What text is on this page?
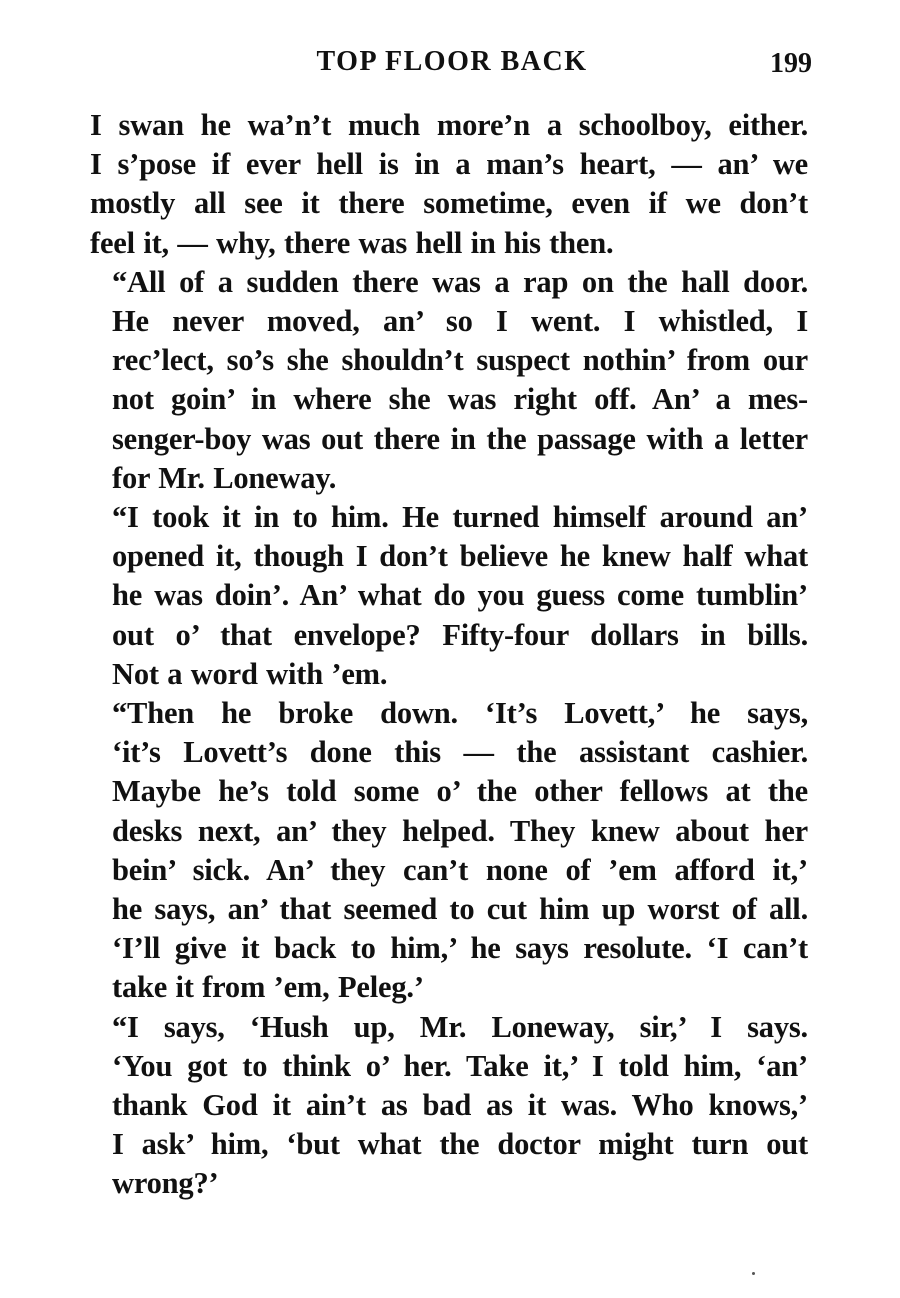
TOP FLOOR BACK	199

I swan he wa’n’t much more’n a schoolboy, either.
I s’pose if ever hell is in a man’s heart, — an’ we
mostly all see it there sometime, even if we don’t
feel it, — why, there was hell in his then.

“All of a sudden there was a rap on the hall door.
He never moved, an’ so I went. I whistled, I
rec’lect, so’s she shouldn’t suspect nothin’ from our
not goin’ in where she was right off. An’ a mes-
senger-boy was out there in the passage with a letter
for Mr. Loneway.

“I took it in to him. He turned himself around an’
opened it, though I don’t believe he knew half what
he was doin’. An’ what do you guess come tumblin’
out o’ that envelope? Fifty-four dollars in bills.
Not a word with ’em.

“Then he broke down. ‘It’s Lovett,’ he says,
‘it’s Lovett’s done this — the assistant cashier.
Maybe he’s told some o’ the other fellows at the
desks next, an’ they helped. They knew about her
bein’ sick. An’ they can’t none of ’em afford it,’
he says, an’ that seemed to cut him up worst of all.
‘I’ll give it back to him,’ he says resolute. ‘I can’t
take it from ’em, Peleg.’

“I says, ‘Hush up, Mr. Loneway, sir,’ I says.
‘You got to think o’ her. Take it,’ I told him, ‘an’
thank God it ain’t as bad as it was. Who knows,’
I ask’ him, ‘but what the doctor might turn out
wrong?’
